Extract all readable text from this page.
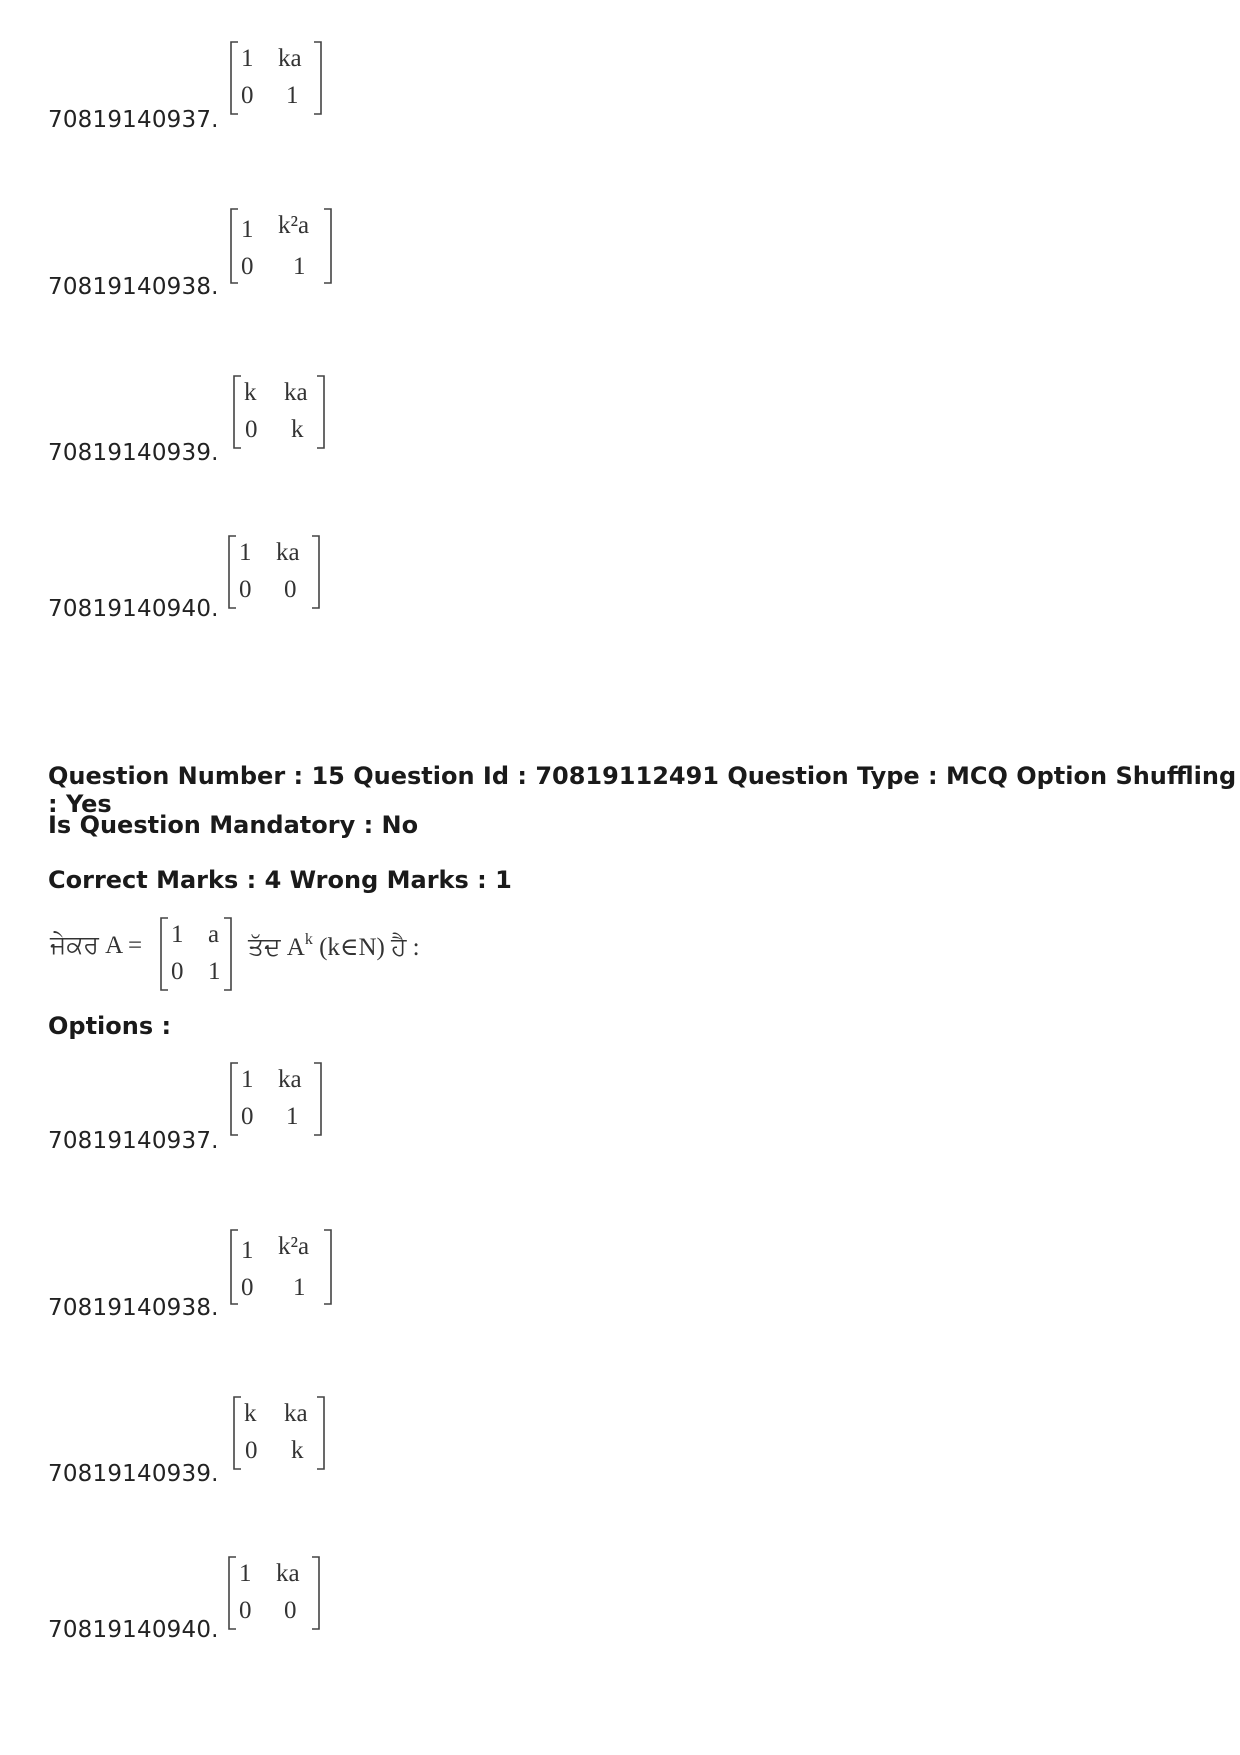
70819140937.
1 ka
0 1
70819140938.
1 k²a
0 1
70819140939.
k ka
0 k
70819140940.
1 ka
0 0
Question Number : 15 Question Id : 70819112491 Question Type : MCQ Option Shuffling : Yes
Is Question Mandatory : No
Correct Marks : 4 Wrong Marks : 1
ਜੇਕਰ A = 1 a
0 1
ਤੱਦ $A^k$ (k∈N) ਹੈ :
Options :
70819140937.
1 ka
0 1
70819140938.
1 k²a
0 1
70819140939.
k ka
0 k
70819140940.
1 ka
0 0
